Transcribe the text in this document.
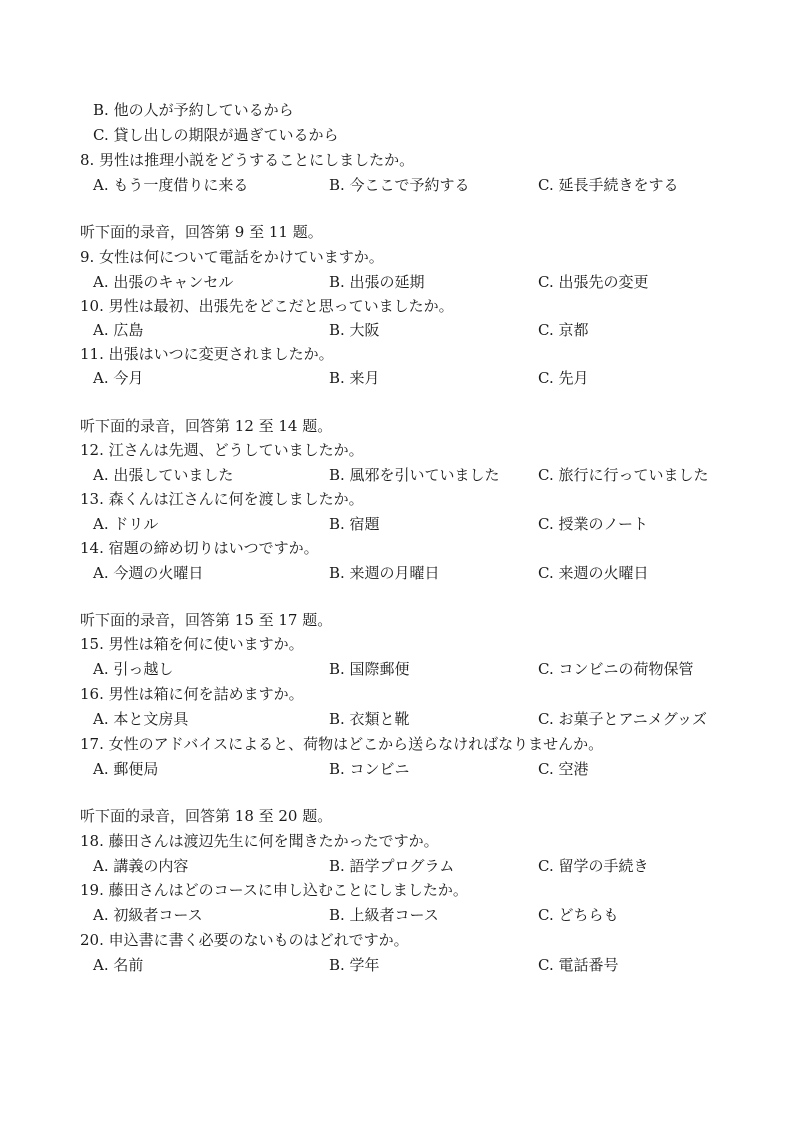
B. 他の人が予約しているから
C. 貸し出しの期限が過ぎているから
8. 男性は推理小説をどうすることにしましたか。
A. もう一度借りに来る	B. 今ここで予約する	C. 延長手続きをする
听下面的录音，回答第 9 至 11 题。
9. 女性は何について電話をかけていますか。
A. 出張のキャンセル	B. 出張の延期	C. 出張先の変更
10. 男性は最初、出張先をどこだと思っていましたか。
A. 広島	B. 大阪	C. 京都
11. 出張はいつに変更されましたか。
A. 今月	B. 来月	C. 先月
听下面的录音，回答第 12 至 14 题。
12. 江さんは先週、どうしていましたか。
A. 出張していました	B. 風邪を引いていました	C. 旅行に行っていました
13. 森くんは江さんに何を渡しましたか。
A. ドリル	B. 宿題	C. 授業のノート
14. 宿題の締め切りはいつですか。
A. 今週の火曜日	B. 来週の月曜日	C. 来週の火曜日
听下面的录音，回答第 15 至 17 题。
15. 男性は箱を何に使いますか。
A. 引っ越し	B. 国際郵便	C. コンビニの荷物保管
16. 男性は箱に何を詰めますか。
A. 本と文房具	B. 衣類と靴	C. お菓子とアニメグッズ
17. 女性のアドバイスによると、荷物はどこから送らなければなりませんか。
A. 郵便局	B. コンビニ	C. 空港
听下面的录音，回答第 18 至 20 题。
18. 藤田さんは渡辺先生に何を聞きたかったですか。
A. 講義の内容	B. 語学プログラム	C. 留学の手続き
19. 藤田さんはどのコースに申し込むことにしましたか。
A. 初級者コース	B. 上級者コース	C. どちらも
20. 申込書に書く必要のないものはどれですか。
A. 名前	B. 学年	C. 電話番号
